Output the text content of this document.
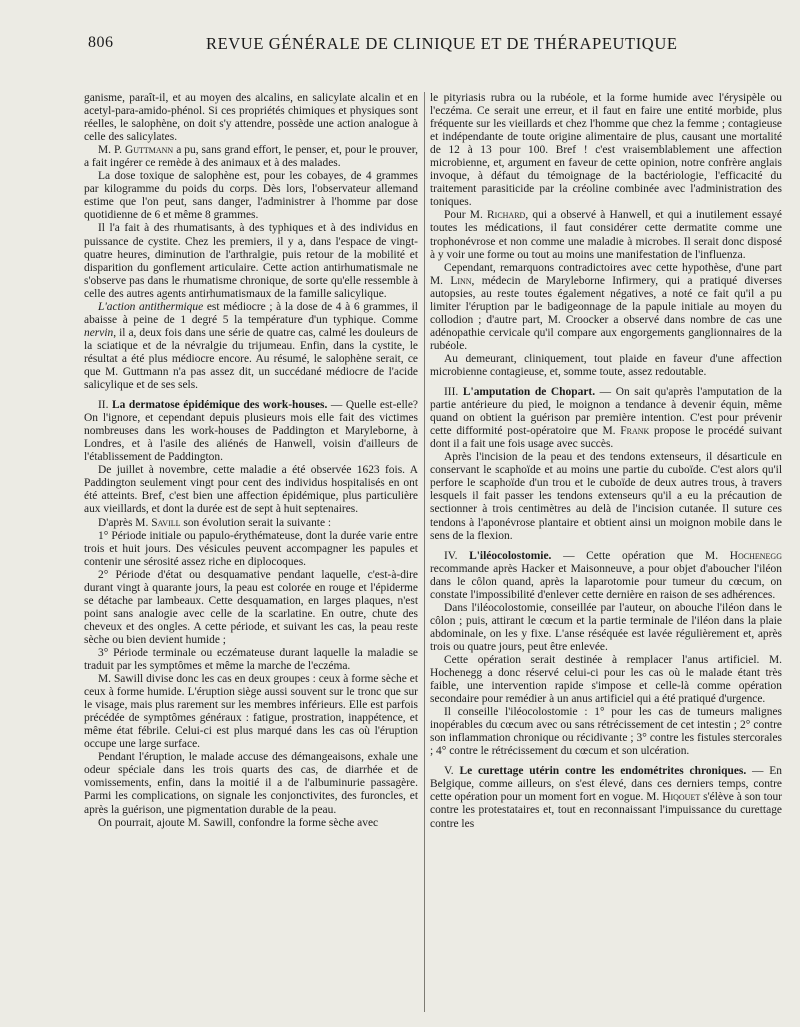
806	REVUE GÉNÉRALE DE CLINIQUE ET DE THÉRAPEUTIQUE

ganisme, paraît-il, et au moyen des alcalins, en salicylate alcalin et en acetyl-para-amido-phénol. Si ces propriétés chimiques et physiques sont réelles, le salophène, on doit s'y attendre, possède une action analogue à celle des salicylates.

M. P. Guttmann a pu, sans grand effort, le penser, et, pour le prouver, a fait ingérer ce remède à des animaux et à des malades.

La dose toxique de salophène est, pour les cobayes, de 4 grammes par kilogramme du poids du corps. Dès lors, l'observateur allemand estime que l'on peut, sans danger, l'administrer à l'homme par dose quotidienne de 6 et même 8 grammes.

Il l'a fait à des rhumatisants, à des typhiques et à des individus en puissance de cystite. Chez les premiers, il y a, dans l'espace de vingt-quatre heures, diminution de l'arthralgie, puis retour de la mobilité et disparition du gonflement articulaire. Cette action antirhumatismale ne s'observe pas dans le rhumatisme chronique, de sorte qu'elle ressemble à celle des autres agents antirhumatismaux de la famille salicylique.

L'action antithermique est médiocre ; à la dose de 4 à 6 grammes, il abaisse à peine de 1 degré 5 la température d'un typhique. Comme nervin, il a, deux fois dans une série de quatre cas, calmé les douleurs de la sciatique et de la névralgie du trijumeau. Enfin, dans la cystite, le résultat a été plus médiocre encore. Au résumé, le salophène serait, ce que M. Guttmann n'a pas assez dit, un succédané médiocre de l'acide salicylique et de ses sels.

II. La dermatose épidémique des work-houses. — Quelle est-elle? On l'ignore, et cependant depuis plusieurs mois elle fait des victimes nombreuses dans les work-houses de Paddington et Maryleborne, à Londres, et à l'asile des aliénés de Hanwell, voisin d'ailleurs de l'établissement de Paddington.

De juillet à novembre, cette maladie a été observée 1623 fois. A Paddington seulement vingt pour cent des individus hospitalisés en ont été atteints. Bref, c'est bien une affection épidémique, plus particulière aux vieillards, et dont la durée est de sept à huit septenaires.

D'après M. Savill son évolution serait la suivante :

1° Période initiale ou papulo-érythémateuse, dont la durée varie entre trois et huit jours. Des vésicules peuvent accompagner les papules et contenir une sérosité assez riche en diplocoques.

2° Période d'état ou desquamative pendant laquelle, c'est-à-dire durant vingt à quarante jours, la peau est colorée en rouge et l'épiderme se détache par lambeaux. Cette desquamation, en larges plaques, n'est point sans analogie avec celle de la scarlatine. En outre, chute des cheveux et des ongles. A cette période, et suivant les cas, la peau reste sèche ou bien devient humide ;

3° Période terminale ou eczémateuse durant laquelle la maladie se traduit par les symptômes et même la marche de l'eczéma.

M. Sawill divise donc les cas en deux groupes : ceux à forme sèche et ceux à forme humide. L'éruption siège aussi souvent sur le tronc que sur le visage, mais plus rarement sur les membres inférieurs. Elle est parfois précédée de symptômes généraux : fatigue, prostration, inappétence, et même état fébrile. Celui-ci est plus marqué dans les cas où l'éruption occupe une large surface.

Pendant l'éruption, le malade accuse des démangeaisons, exhale une odeur spéciale dans les trois quarts des cas, de diarrhée et de vomissements, enfin, dans la moitié il a de l'albuminurie passagère. Parmi les complications, on signale les conjonctivites, des furoncles, et après la guérison, une pigmentation durable de la peau.

On pourrait, ajoute M. Sawill, confondre la forme sèche avec

le pityriasis rubra ou la rubéole, et la forme humide avec l'érysipèle ou l'eczéma. Ce serait une erreur, et il faut en faire une entité morbide, plus fréquente sur les vieillards et chez l'homme que chez la femme ; contagieuse et indépendante de toute origine alimentaire de plus, causant une mortalité de 12 à 13 pour 100. Bref ! c'est vraisemblablement une affection microbienne, et, argument en faveur de cette opinion, notre confrère anglais invoque, à défaut du témoignage de la bactériologie, l'efficacité du traitement parasiticide par la créoline combinée avec l'administration des toniques.

Pour M. Richard, qui a observé à Hanwell, et qui a inutilement essayé toutes les médications, il faut considérer cette dermatite comme une trophonévrose et non comme une maladie à microbes. Il serait donc disposé à y voir une forme ou tout au moins une manifestation de l'influenza.

Cependant, remarquons contradictoires avec cette hypothèse, d'une part M. Linn, médecin de Maryleborne Infirmery, qui a pratiqué diverses autopsies, au reste toutes également négatives, a noté ce fait qu'il a pu limiter l'éruption par le badigeonnage de la papule initiale au moyen du collodion ; d'autre part, M. Croocker a observé dans nombre de cas une adénopathie cervicale qu'il compare aux engorgements ganglionnaires de la rubéole.

Au demeurant, cliniquement, tout plaide en faveur d'une affection microbienne contagieuse, et, somme toute, assez redoutable.

III. L'amputation de Chopart. — On sait qu'après l'amputation de la partie antérieure du pied, le moignon a tendance à devenir équin, même quand on obtient la guérison par première intention. C'est pour prévenir cette difformité post-opératoire que M. Frank propose le procédé suivant dont il a fait une fois usage avec succès.

Après l'incision de la peau et des tendons extenseurs, il désarticule en conservant le scaphoïde et au moins une partie du cuboïde. C'est alors qu'il perfore le scaphoïde d'un trou et le cuboïde de deux autres trous, à travers lesquels il fait passer les tendons extenseurs qu'il a eu la précaution de sectionner à trois centimètres au delà de l'incision cutanée. Il suture ces tendons à l'aponévrose plantaire et obtient ainsi un moignon mobile dans le sens de la flexion.

IV. L'iléocolostomie. — Cette opération que M. Hochenegg recommande après Hacker et Maisonneuve, a pour objet d'aboucher l'iléon dans le côlon quand, après la laparotomie pour tumeur du cœcum, on constate l'impossibilité d'enlever cette dernière en raison de ses adhérences.

Dans l'iléocolostomie, conseillée par l'auteur, on abouche l'iléon dans le côlon ; puis, attirant le cœcum et la partie terminale de l'iléon dans la plaie abdominale, on les y fixe. L'anse réséquée est lavée régulièrement et, après trois ou quatre jours, peut être enlevée.

Cette opération serait destinée à remplacer l'anus artificiel. M. Hochenegg a donc réservé celui-ci pour les cas où le malade étant très faible, une intervention rapide s'impose et celle-là comme opération secondaire pour remédier à un anus artificiel qui a été pratiqué d'urgence.

Il conseille l'iléocolostomie : 1° pour les cas de tumeurs malignes inopérables du cœcum avec ou sans rétrécissement de cet intestin ; 2° contre son inflammation chronique ou récidivante ; 3° contre les fistules stercorales ; 4° contre le rétrécissement du cœcum et son ulcération.

V. Le curettage utérin contre les endométrites chroniques. — En Belgique, comme ailleurs, on s'est élevé, dans ces derniers temps, contre cette opération pour un moment fort en vogue. M. Hiqouet s'élève à son tour contre les protestataires et, tout en reconnaissant l'impuissance du curettage contre les
